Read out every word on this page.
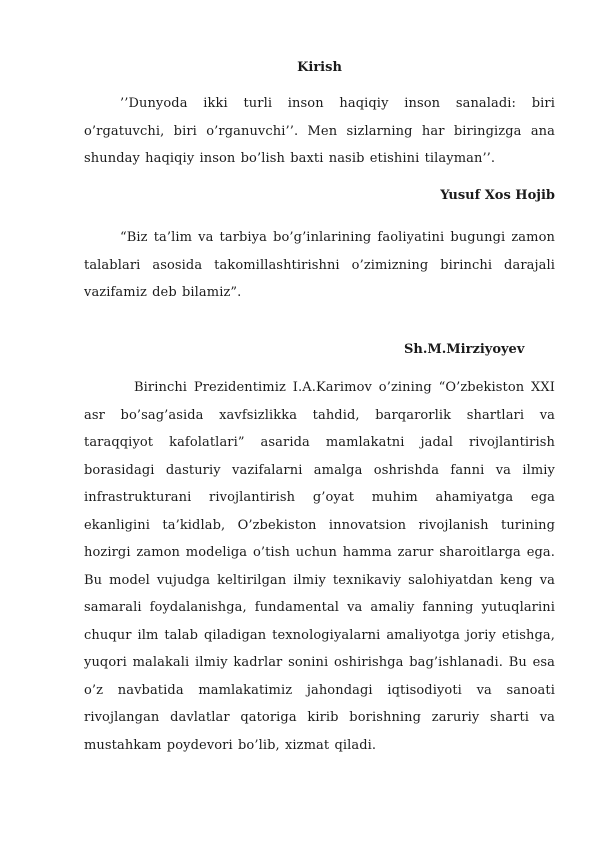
Kirish
’’Dunyoda ikki turli inson haqiqiy inson sanaladi: biri o’rgatuvchi, biri o’rganuvchi’’. Men sizlarning har biringizga ana shunday haqiqiy inson bo’lish baxti nasib etishini tilayman’’.
Yusuf Xos Hojib
“Biz ta’lim va tarbiya bo’g’inlarining faoliyatini bugungi zamon talablari asosida takomillashtirishni o’zimizning birinchi darajali vazifamiz deb bilamiz”.
Sh.M.Mirziyoyev
Birinchi Prezidentimiz I.A.Karimov o’zining “O’zbekiston XXI asr bo’sag’asida xavfsizlikka tahdid, barqarorlik shartlari va taraqqiyot kafolatlari” asarida mamlakatni jadal rivojlantirish borasidagi dasturiy vazifalarni amalga oshrishda fanni va ilmiy infrastrukturani rivojlantirish g’oyat muhim ahamiyatga ega ekanligini ta’kidlab, O’zbekiston innovatsion rivojlanish turining hozirgi zamon modeliga o’tish uchun hamma zarur sharoitlarga ega. Bu model vujudga keltirilgan ilmiy texnikaviy salohiyatdan keng va samarali foydalanishga, fundamental va amaliy fanning yutuqlarini chuqur ilm talab qiladigan texnologiyalarni amaliyotga joriy etishga, yuqori malakali ilmiy kadrlar sonini oshirishga bag’ishlanadi. Bu esa o’z navbatida mamlakatimiz jahondagi iqtisodiyoti va sanoati rivojlangan davlatlar qatoriga kirib borishning zaruriy sharti va mustahkam poydevori bo’lib, xizmat qiladi.
